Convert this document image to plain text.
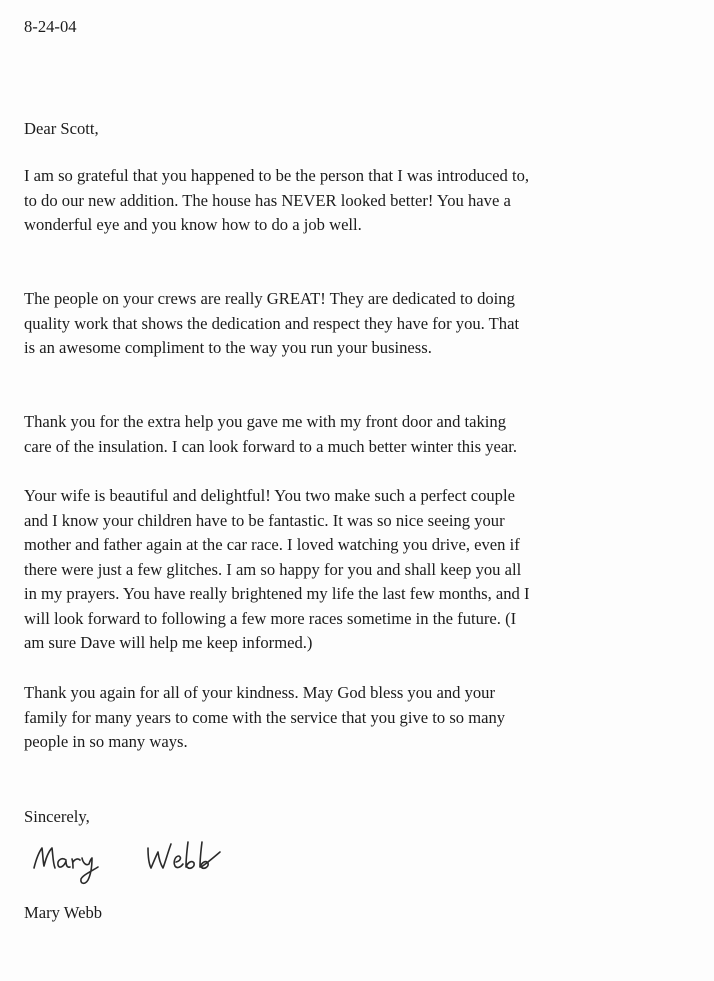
8-24-04
Dear Scott,
I am so grateful that you happened to be the person that I was introduced to,
to do our new addition. The house has NEVER looked better! You have a
wonderful eye and you know how to do a job well.
The people on your crews are really GREAT! They are dedicated to doing
quality work that shows the dedication and respect they have for you. That
is an awesome compliment to the way you run your business.
Thank you for the extra help you gave me with my front door and taking
care of the insulation. I can look forward to a much better winter this year.
Your wife is beautiful and delightful! You two make such a perfect couple
and I know your children have to be fantastic. It was so nice seeing your
mother and father again at the car race. I loved watching you drive, even if
there were just a few glitches. I am so happy for you and shall keep you all
in my prayers. You have really brightened my life the last few months, and I
will look forward to following a few more races sometime in the future. (I
am sure Dave will help me keep informed.)
Thank you again for all of your kindness. May God bless you and your
family for many years to come with the service that you give to so many
people in so many ways.
Sincerely,
Mary Webb
